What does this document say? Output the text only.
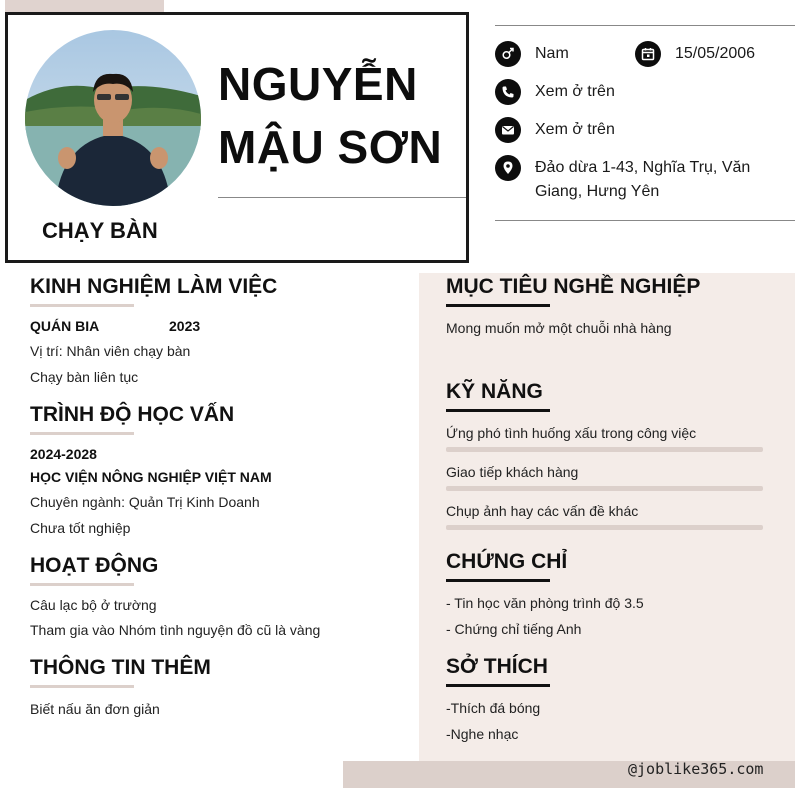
NGUYỄN
MẬU SƠN
CHẠY BÀN
Nam	15/05/2006
Xem ở trên
Xem ở trên
Đảo dừa 1-43, Nghĩa Trụ, Văn
Giang, Hưng Yên
@joblike365.com
KINH NGHIỆM LÀM VIỆC
QUÁN BIA	2023
Vị trí: Nhân viên chạy bàn
Chạy bàn liên tục
TRÌNH ĐỘ HỌC VẤN
2024-2028
HỌC VIỆN NÔNG NGHIỆP VIỆT NAM
Chuyên ngành: Quản Trị Kinh Doanh
Chưa tốt nghiệp
HOẠT ĐỘNG
Câu lạc bộ ở trường
Tham gia vào Nhóm tình nguyện đồ cũ là vàng
THÔNG TIN THÊM
Biết nấu ăn đơn giản
MỤC TIÊU NGHỀ NGHIỆP
Mong muốn mở một chuỗi nhà hàng
KỸ NĂNG
Ứng phó tình huống xấu trong công việc
Giao tiếp khách hàng
Chụp ảnh hay các vấn đề khác
CHỨNG CHỈ
- Tin học văn phòng trình độ 3.5
- Chứng chỉ tiếng Anh
SỞ THÍCH
-Thích đá bóng
-Nghe nhạc
